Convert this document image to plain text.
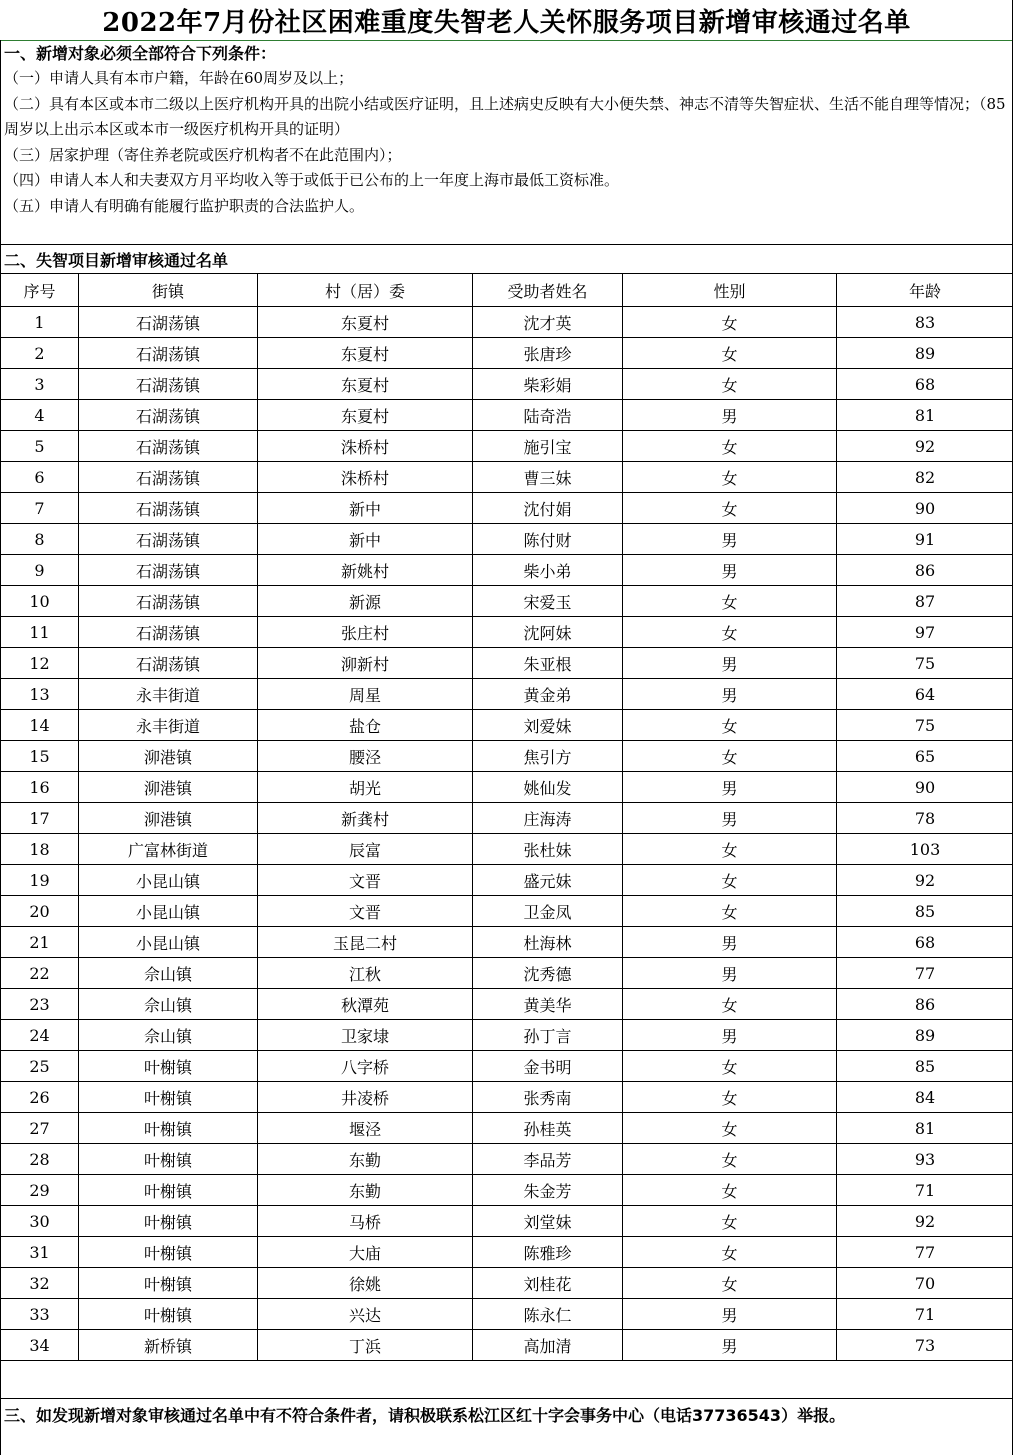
2022年7月份社区困难重度失智老人关怀服务项目新增审核通过名单
一、新增对象必须全部符合下列条件：
（一）申请人具有本市户籍，年龄在60周岁及以上；
（二）具有本区或本市二级以上医疗机构开具的出院小结或医疗证明，且上述病史反映有大小便失禁、神志不清等失智症状、生活不能自理等情况；（85周岁以上出示本区或本市一级医疗机构开具的证明）
（三）居家护理（寄住养老院或医疗机构者不在此范围内）；
（四）申请人本人和夫妻双方月平均收入等于或低于已公布的上一年度上海市最低工资标准。
（五）申请人有明确有能履行监护职责的合法监护人。
二、失智项目新增审核通过名单
序号	街镇	村（居）委	受助者姓名	性别	年龄
1	石湖荡镇	东夏村	沈才英	女	83
2	石湖荡镇	东夏村	张唐珍	女	89
3	石湖荡镇	东夏村	柴彩娟	女	68
4	石湖荡镇	东夏村	陆奇浩	男	81
5	石湖荡镇	洙桥村	施引宝	女	92
6	石湖荡镇	洙桥村	曹三妹	女	82
7	石湖荡镇	新中	沈付娟	女	90
8	石湖荡镇	新中	陈付财	男	91
9	石湖荡镇	新姚村	柴小弟	男	86
10	石湖荡镇	新源	宋爱玉	女	87
11	石湖荡镇	张庄村	沈阿妹	女	97
12	石湖荡镇	泖新村	朱亚根	男	75
13	永丰街道	周星	黄金弟	男	64
14	永丰街道	盐仓	刘爱妹	女	75
15	泖港镇	腰泾	焦引方	女	65
16	泖港镇	胡光	姚仙发	男	90
17	泖港镇	新龚村	庄海涛	男	78
18	广富林街道	辰富	张杜妹	女	103
19	小昆山镇	文晋	盛元妹	女	92
20	小昆山镇	文晋	卫金凤	女	85
21	小昆山镇	玉昆二村	杜海林	男	68
22	佘山镇	江秋	沈秀德	男	77
23	佘山镇	秋潭苑	黄美华	女	86
24	佘山镇	卫家埭	孙丁言	男	89
25	叶榭镇	八字桥	金书明	女	85
26	叶榭镇	井凌桥	张秀南	女	84
27	叶榭镇	堰泾	孙桂英	女	81
28	叶榭镇	东勤	李品芳	女	93
29	叶榭镇	东勤	朱金芳	女	71
30	叶榭镇	马桥	刘堂妹	女	92
31	叶榭镇	大庙	陈雅珍	女	77
32	叶榭镇	徐姚	刘桂花	女	70
33	叶榭镇	兴达	陈永仁	男	71
34	新桥镇	丁浜	高加清	男	73
三、如发现新增对象审核通过名单中有不符合条件者，请积极联系松江区红十字会事务中心（电话37736543）举报。
